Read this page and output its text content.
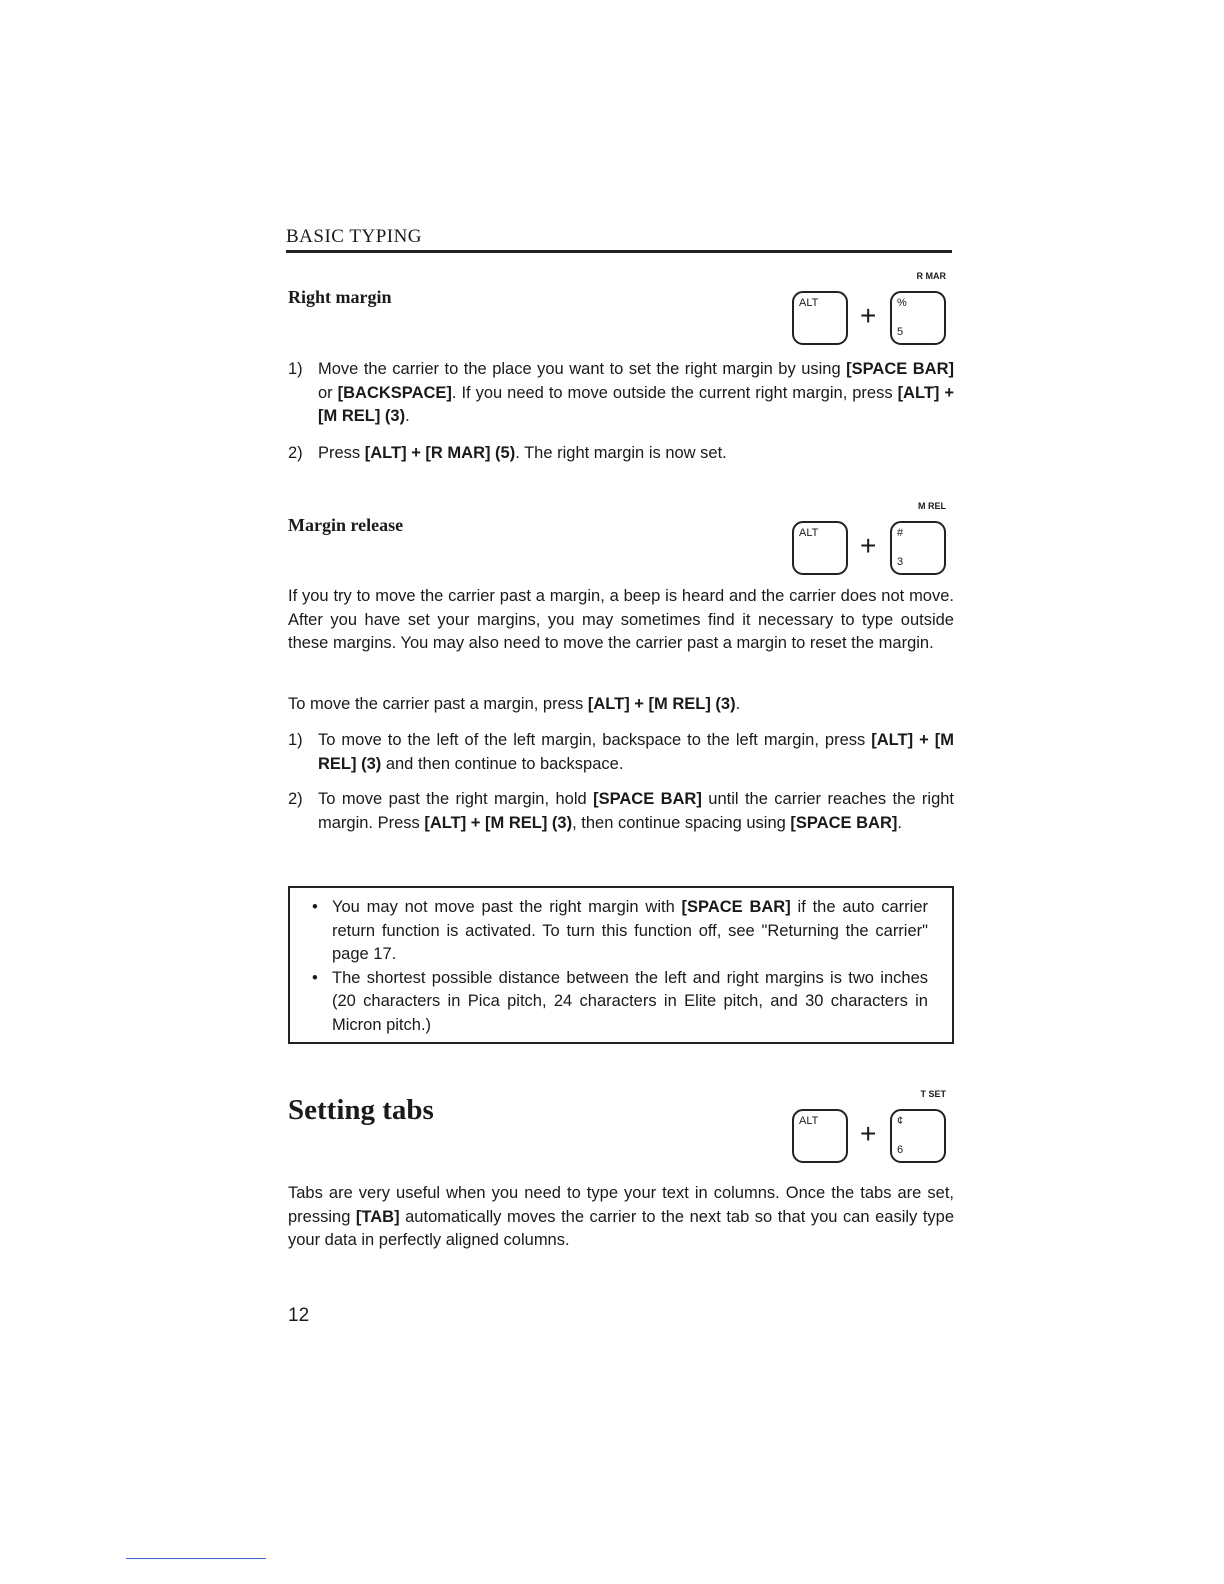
BASIC TYPING
Right margin
R MAR
ALT + %
5
1) Move the carrier to the place you want to set the right margin by using [SPACE BAR] or [BACKSPACE]. If you need to move outside the current right margin, press [ALT] + [M REL] (3).
2) Press [ALT] + [R MAR] (5). The right margin is now set.
Margin release
M REL
ALT + #
3
If you try to move the carrier past a margin, a beep is heard and the carrier does not move. After you have set your margins, you may sometimes find it necessary to type outside these margins. You may also need to move the carrier past a margin to reset the margin.
To move the carrier past a margin, press [ALT] + [M REL] (3).
1) To move to the left of the left margin, backspace to the left margin, press [ALT] + [M REL] (3) and then continue to backspace.
2) To move past the right margin, hold [SPACE BAR] until the carrier reaches the right margin. Press [ALT] + [M REL] (3), then continue spacing using [SPACE BAR].
• You may not move past the right margin with [SPACE BAR] if the auto carrier return function is activated. To turn this function off, see "Returning the carrier" page 17.
• The shortest possible distance between the left and right margins is two inches (20 characters in Pica pitch, 24 characters in Elite pitch, and 30 characters in Micron pitch.)
Setting tabs	T SET
ALT + ¢
6
Tabs are very useful when you need to type your text in columns. Once the tabs are set, pressing [TAB] automatically moves the carrier to the next tab so that you can easily type your data in perfectly aligned columns.
12
